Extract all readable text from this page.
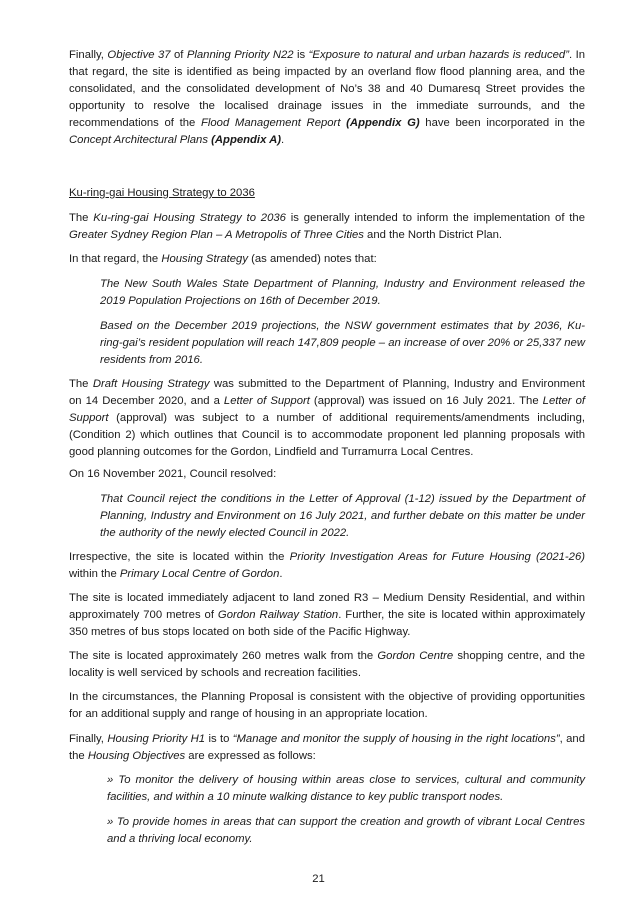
Finally, Objective 37 of Planning Priority N22 is “Exposure to natural and urban hazards is reduced”. In that regard, the site is identified as being impacted by an overland flow flood planning area, and the consolidated, and the consolidated development of No’s 38 and 40 Dumaresq Street provides the opportunity to resolve the localised drainage issues in the immediate surrounds, and the recommendations of the Flood Management Report (Appendix G) have been incorporated in the Concept Architectural Plans (Appendix A).

Ku-ring-gai Housing Strategy to 2036

The Ku-ring-gai Housing Strategy to 2036 is generally intended to inform the implementation of the Greater Sydney Region Plan – A Metropolis of Three Cities and the North District Plan.

In that regard, the Housing Strategy (as amended) notes that:

The New South Wales State Department of Planning, Industry and Environment released the 2019 Population Projections on 16th of December 2019.

Based on the December 2019 projections, the NSW government estimates that by 2036, Ku-ring-gai’s resident population will reach 147,809 people – an increase of over 20% or 25,337 new residents from 2016.

The Draft Housing Strategy was submitted to the Department of Planning, Industry and Environment on 14 December 2020, and a Letter of Support (approval) was issued on 16 July 2021. The Letter of Support (approval) was subject to a number of additional requirements/amendments including, (Condition 2) which outlines that Council is to accommodate proponent led planning proposals with good planning outcomes for the Gordon, Lindfield and Turramurra Local Centres.

On 16 November 2021, Council resolved:

That Council reject the conditions in the Letter of Approval (1-12) issued by the Department of Planning, Industry and Environment on 16 July 2021, and further debate on this matter be under the authority of the newly elected Council in 2022.

Irrespective, the site is located within the Priority Investigation Areas for Future Housing (2021-26) within the Primary Local Centre of Gordon.

The site is located immediately adjacent to land zoned R3 – Medium Density Residential, and within approximately 700 metres of Gordon Railway Station. Further, the site is located within approximately 350 metres of bus stops located on both side of the Pacific Highway.

The site is located approximately 260 metres walk from the Gordon Centre shopping centre, and the locality is well serviced by schools and recreation facilities.

In the circumstances, the Planning Proposal is consistent with the objective of providing opportunities for an additional supply and range of housing in an appropriate location.

Finally, Housing Priority H1 is to “Manage and monitor the supply of housing in the right locations”, and the Housing Objectives are expressed as follows:

» To monitor the delivery of housing within areas close to services, cultural and community facilities, and within a 10 minute walking distance to key public transport nodes.

» To provide homes in areas that can support the creation and growth of vibrant Local Centres and a thriving local economy.

21
